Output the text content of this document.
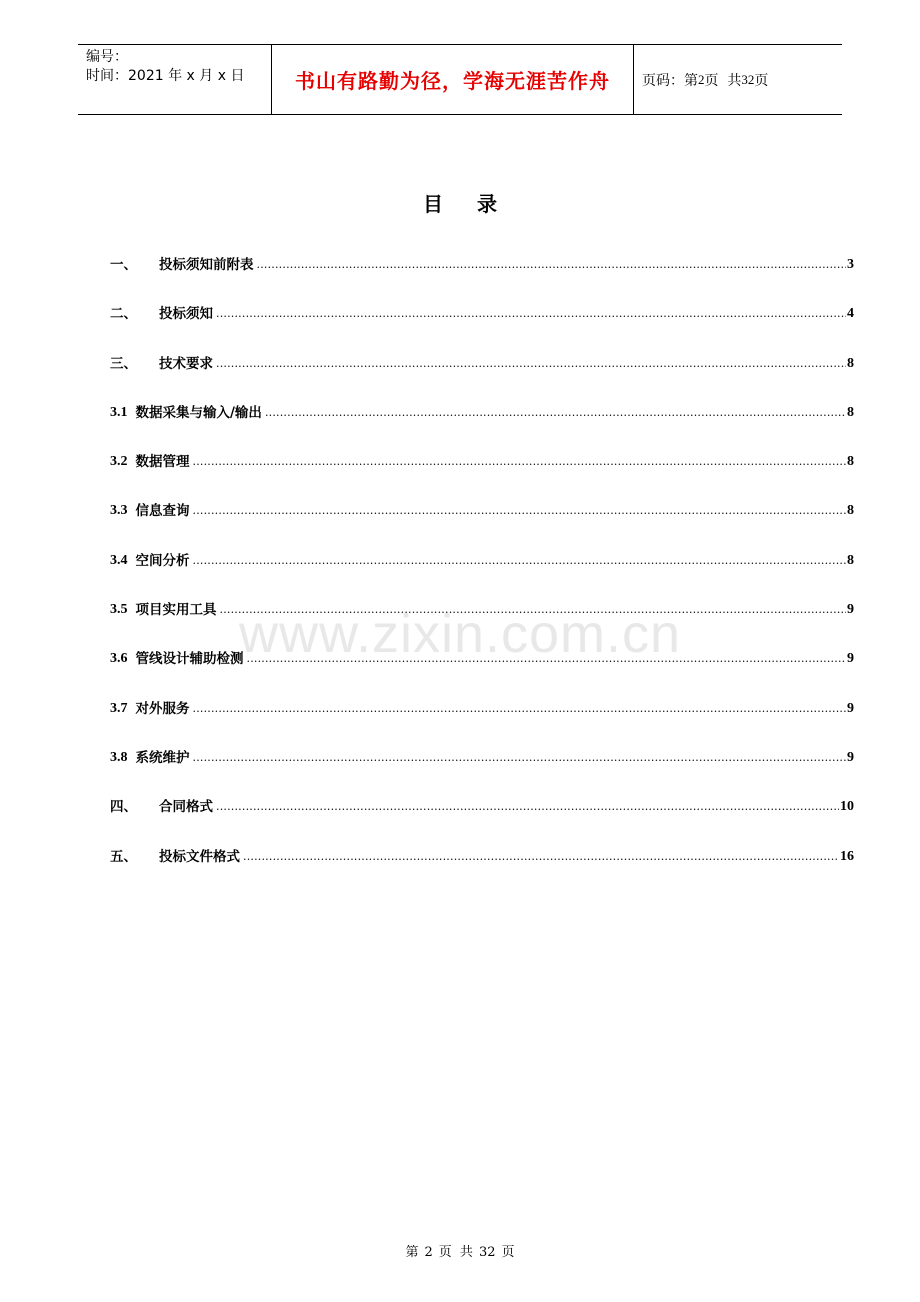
编号：
时间：2021 年 x 月 x 日	书山有路勤为径，学海无涯苦作舟	页码：第 2 页  共 32 页
目录
一、	投标须知前附表 .....	3
二、	投标须知 .....	4
三、	技术要求 .....	8
3.1 数据采集与输入/输出 .....	8
3.2 数据管理 .....	8
3.3 信息查询 .....	8
3.4 空间分析 .....	8
3.5 项目实用工具 .....	9
3.6 管线设计辅助检测 .....	9
3.7 对外服务 .....	9
3.8 系统维护 .....	9
四、	合同格式 .....	10
五、	投标文件格式 .....	16
www.zixin.com.cn
第 2 页 共 32 页
